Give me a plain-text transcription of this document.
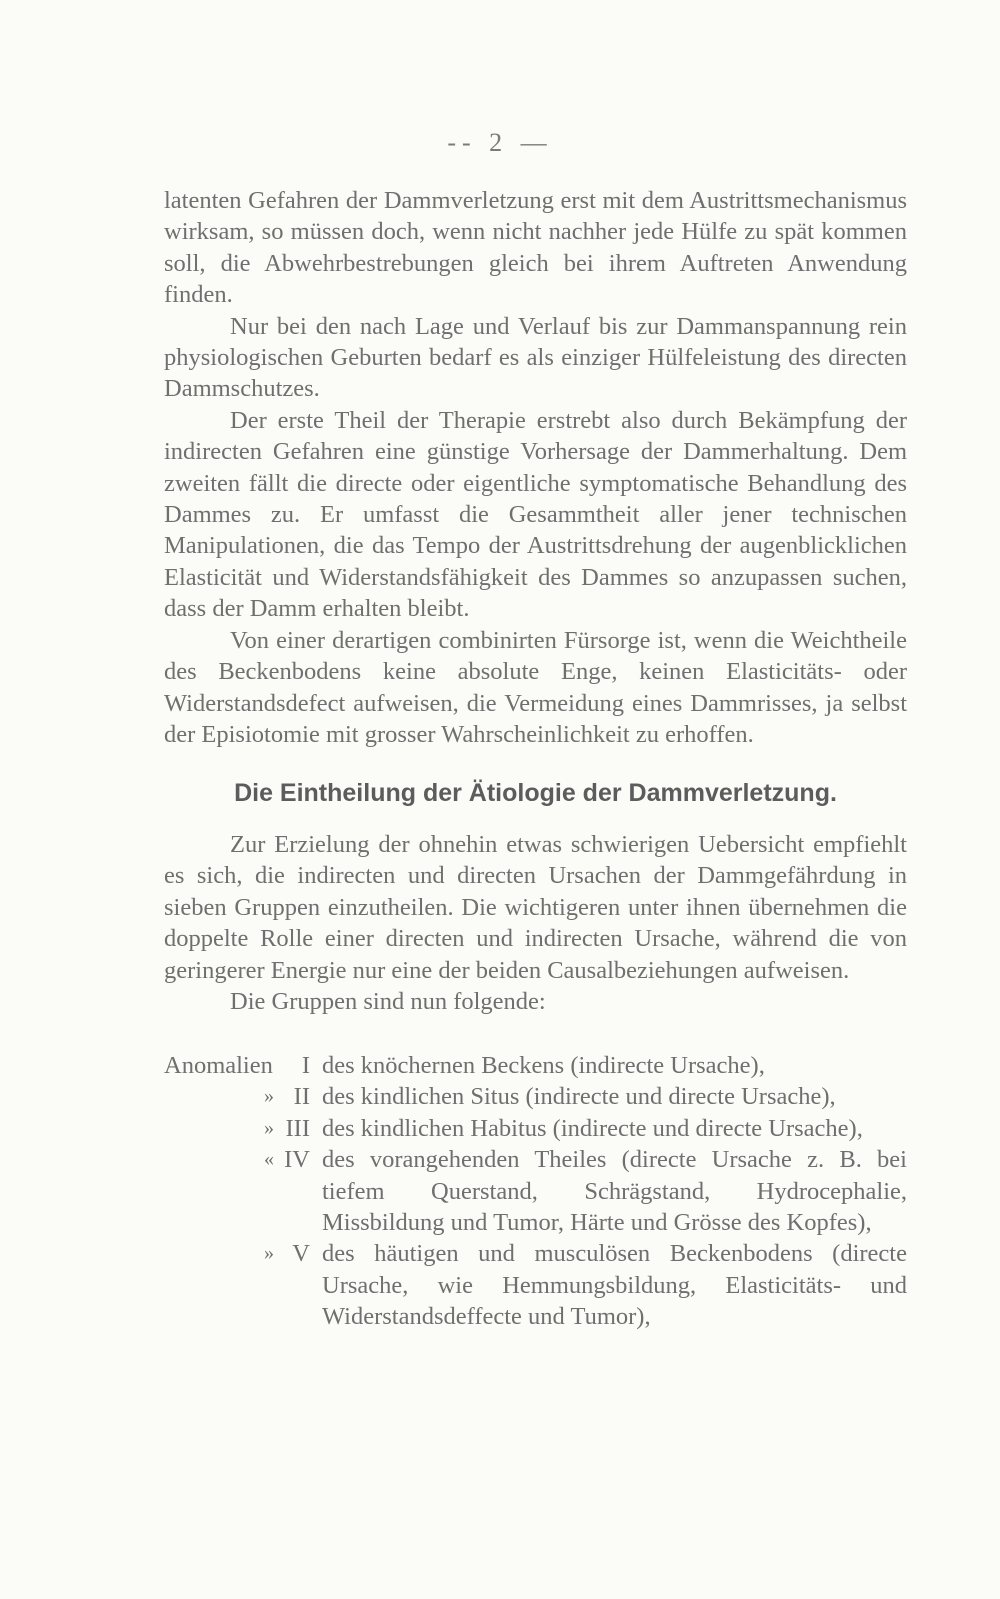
-- 2 —

latenten Gefahren der Dammverletzung erst mit dem Austrittsmechanismus wirksam, so müssen doch, wenn nicht nachher jede Hülfe zu spät kommen soll, die Abwehrbestrebungen gleich bei ihrem Auftreten Anwendung finden.

Nur bei den nach Lage und Verlauf bis zur Dammanspannung rein physiologischen Geburten bedarf es als einziger Hülfeleistung des directen Dammschutzes.

Der erste Theil der Therapie erstrebt also durch Bekämpfung der indirecten Gefahren eine günstige Vorhersage der Dammerhaltung. Dem zweiten fällt die directe oder eigentliche symptomatische Behandlung des Dammes zu. Er umfasst die Gesammtheit aller jener technischen Manipulationen, die das Tempo der Austrittsdrehung der augenblicklichen Elasticität und Widerstandsfähigkeit des Dammes so anzupassen suchen, dass der Damm erhalten bleibt.

Von einer derartigen combinirten Fürsorge ist, wenn die Weichtheile des Beckenbodens keine absolute Enge, keinen Elasticitäts- oder Widerstandsdefect aufweisen, die Vermeidung eines Dammrisses, ja selbst der Episiotomie mit grosser Wahrscheinlichkeit zu erhoffen.

Die Eintheilung der Ätiologie der Dammverletzung.

Zur Erzielung der ohnehin etwas schwierigen Uebersicht empfiehlt es sich, die indirecten und directen Ursachen der Dammgefährdung in sieben Gruppen einzutheilen. Die wichtigeren unter ihnen übernehmen die doppelte Rolle einer directen und indirecten Ursache, während die von geringerer Energie nur eine der beiden Causalbeziehungen aufweisen.

Die Gruppen sind nun folgende:

Anomalien	I des knöchernen Beckens (indirecte Ursache),
» II des kindlichen Situs (indirecte und directe Ursache),
» III des kindlichen Habitus (indirecte und directe Ursache),
« IV des vorangehenden Theiles (directe Ursache z. B. bei tiefem Querstand, Schrägstand, Hydrocephalie, Missbildung und Tumor, Härte und Grösse des Kopfes),
» V des häutigen und musculösen Beckenbodens (directe Ursache, wie Hemmungsbildung, Elasticitäts- und Widerstandsdeffecte und Tumor),
